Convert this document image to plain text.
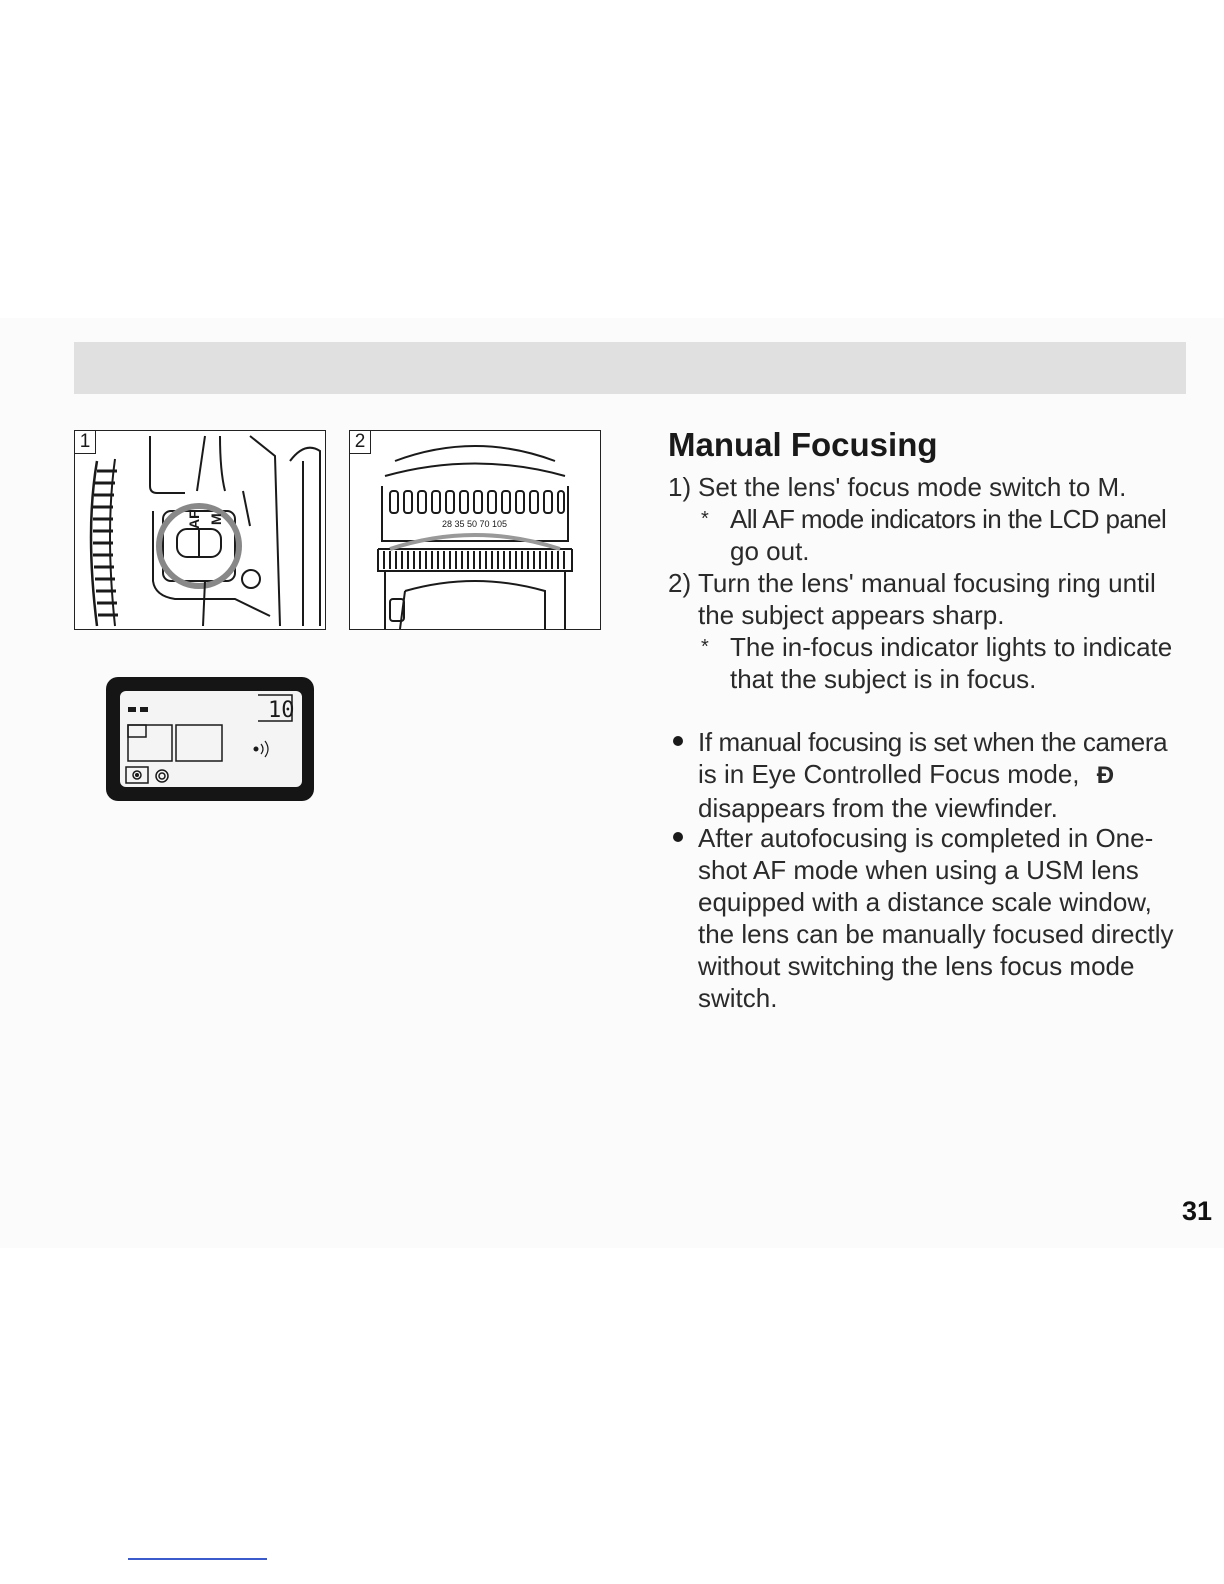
AF M
1
28 35 50 70 105
2
10
Manual Focusing
1) Set the lens' focus mode switch to M.
* All AF mode indicators in the LCD panel
go out.
2) Turn the lens' manual focusing ring until
the subject appears sharp.
* The in-focus indicator lights to indicate
that the subject is in focus.
If manual focusing is set when the camera
is in Eye Controlled Focus mode, Ð
disappears from the viewfinder.
After autofocusing is completed in One-
shot AF mode when using a USM lens
equipped with a distance scale window,
the lens can be manually focused directly
without switching the lens focus mode
switch.
31
